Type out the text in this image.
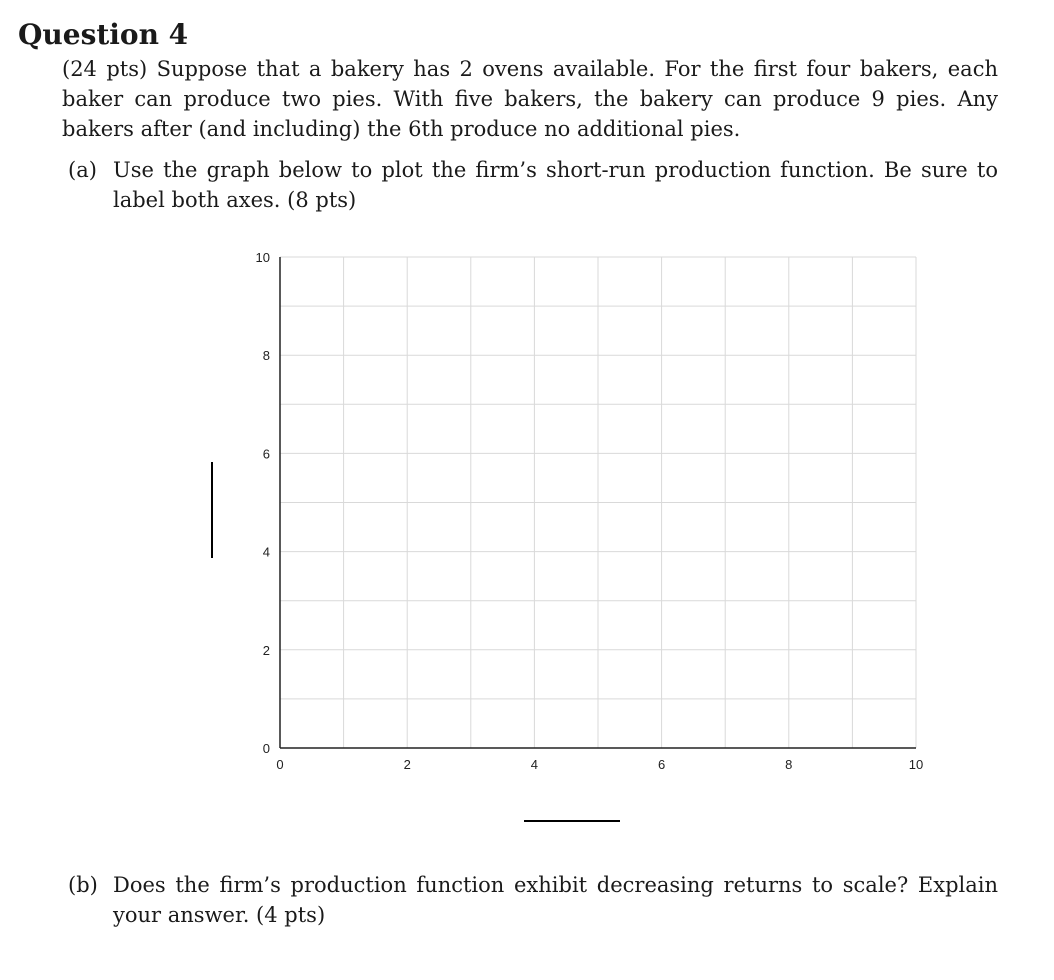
Question 4
(24 pts) Suppose that a bakery has 2 ovens available. For the first four bakers, each baker can produce two pies. With five bakers, the bakery can produce 9 pies. Any bakers after (and including) the 6th produce no additional pies.
(a) Use the graph below to plot the firm’s short-run production function. Be sure to label both axes. (8 pts)
0	2	4	6	8	10
0
2
4
6
8
10
(b) Does the firm’s production function exhibit decreasing returns to scale? Explain your answer. (4 pts)
